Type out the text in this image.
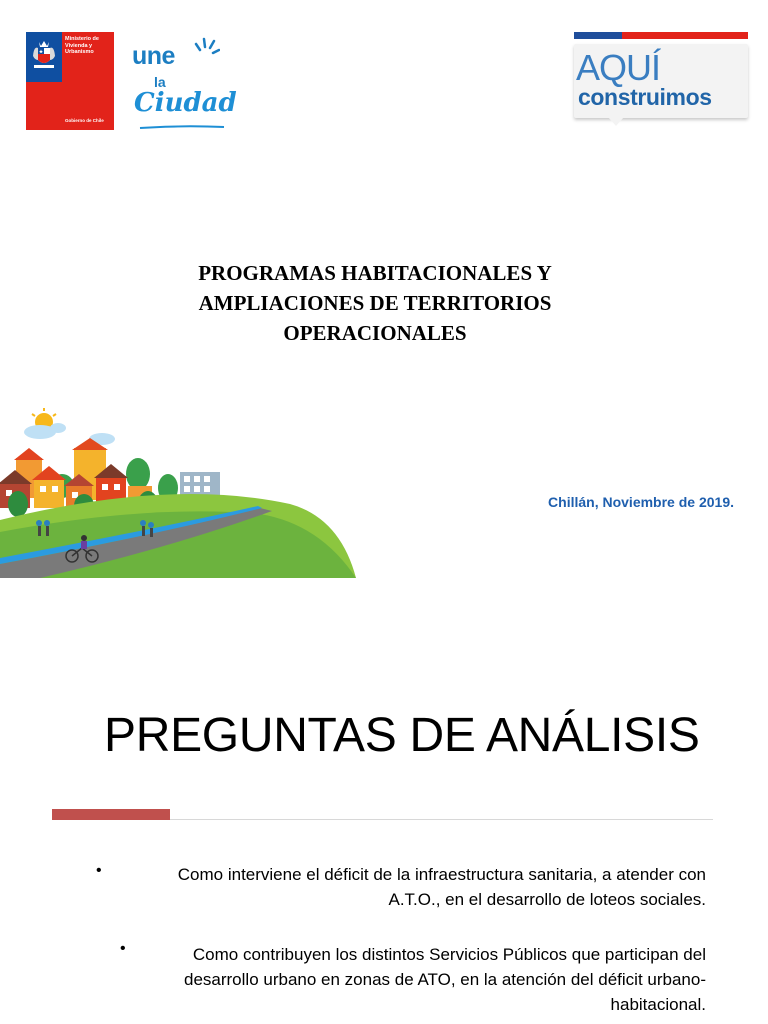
Ministerio de
Vivienda y
Urbanismo
Gobierno de Chile
une
la
Ciudad
AQUÍ
construimos
PROGRAMAS HABITACIONALES Y
AMPLIACIONES DE TERRITORIOS
OPERACIONALES
Chillán, Noviembre de 2019.
PREGUNTAS DE ANÁLISIS
•	Como interviene el déficit de la infraestructura sanitaria, a atender con
A.T.O., en el desarrollo de loteos sociales.
•	Como contribuyen los distintos Servicios Públicos que participan del
desarrollo urbano en zonas de ATO, en la atención del déficit urbano-
habitacional.
